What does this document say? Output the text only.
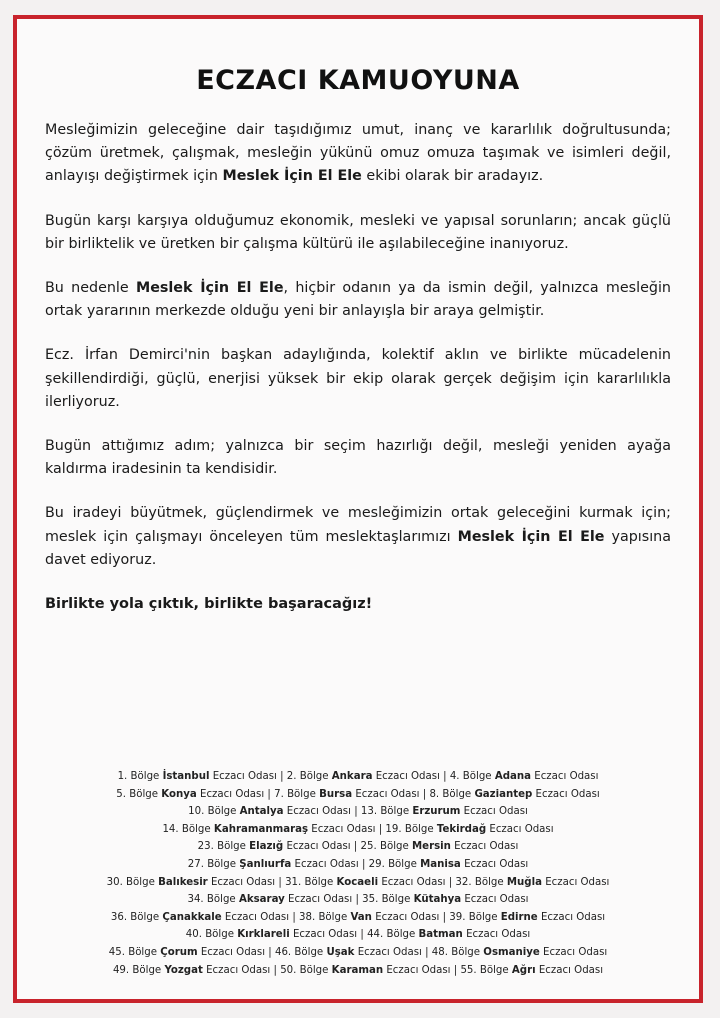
ECZACI KAMUOYUNA

Mesleğimizin geleceğine dair taşıdığımız umut, inanç ve kararlılık doğrultusunda; çözüm üretmek, çalışmak, mesleğin yükünü omuz omuza taşımak ve isimleri değil, anlayışı değiştirmek için Meslek İçin El Ele ekibi olarak bir aradayız.

Bugün karşı karşıya olduğumuz ekonomik, mesleki ve yapısal sorunların; ancak güçlü bir birliktelik ve üretken bir çalışma kültürü ile aşılabileceğine inanıyoruz.

Bu nedenle Meslek İçin El Ele, hiçbir odanın ya da ismin değil, yalnızca mesleğin ortak yararının merkezde olduğu yeni bir anlayışla bir araya gelmiştir.

Ecz. İrfan Demirci'nin başkan adaylığında, kolektif aklın ve birlikte mücadelenin şekillendirdiği, güçlü, enerjisi yüksek bir ekip olarak gerçek değişim için kararlılıkla ilerliyoruz.

Bugün attığımız adım; yalnızca bir seçim hazırlığı değil, mesleği yeniden ayağa kaldırma iradesinin ta kendisidir.

Bu iradeyi büyütmek, güçlendirmek ve mesleğimizin ortak geleceğini kurmak için; meslek için çalışmayı önceleyen tüm meslektaşlarımızı Meslek İçin El Ele yapısına davet ediyoruz.

Birlikte yola çıktık, birlikte başaracağız!

1. Bölge İstanbul Eczacı Odası | 2. Bölge Ankara Eczacı Odası | 4. Bölge Adana Eczacı Odası
5. Bölge Konya Eczacı Odası | 7. Bölge Bursa Eczacı Odası | 8. Bölge Gaziantep Eczacı Odası
10. Bölge Antalya Eczacı Odası | 13. Bölge Erzurum Eczacı Odası
14. Bölge Kahramanmaraş Eczacı Odası | 19. Bölge Tekirdağ Eczacı Odası
23. Bölge Elazığ Eczacı Odası | 25. Bölge Mersin Eczacı Odası
27. Bölge Şanlıurfa Eczacı Odası | 29. Bölge Manisa Eczacı Odası
30. Bölge Balıkesir Eczacı Odası | 31. Bölge Kocaeli Eczacı Odası | 32. Bölge Muğla Eczacı Odası
34. Bölge Aksaray Eczacı Odası | 35. Bölge Kütahya Eczacı Odası
36. Bölge Çanakkale Eczacı Odası | 38. Bölge Van Eczacı Odası | 39. Bölge Edirne Eczacı Odası
40. Bölge Kırklareli Eczacı Odası | 44. Bölge Batman Eczacı Odası
45. Bölge Çorum Eczacı Odası | 46. Bölge Uşak Eczacı Odası | 48. Bölge Osmaniye Eczacı Odası
49. Bölge Yozgat Eczacı Odası | 50. Bölge Karaman Eczacı Odası | 55. Bölge Ağrı Eczacı Odası
